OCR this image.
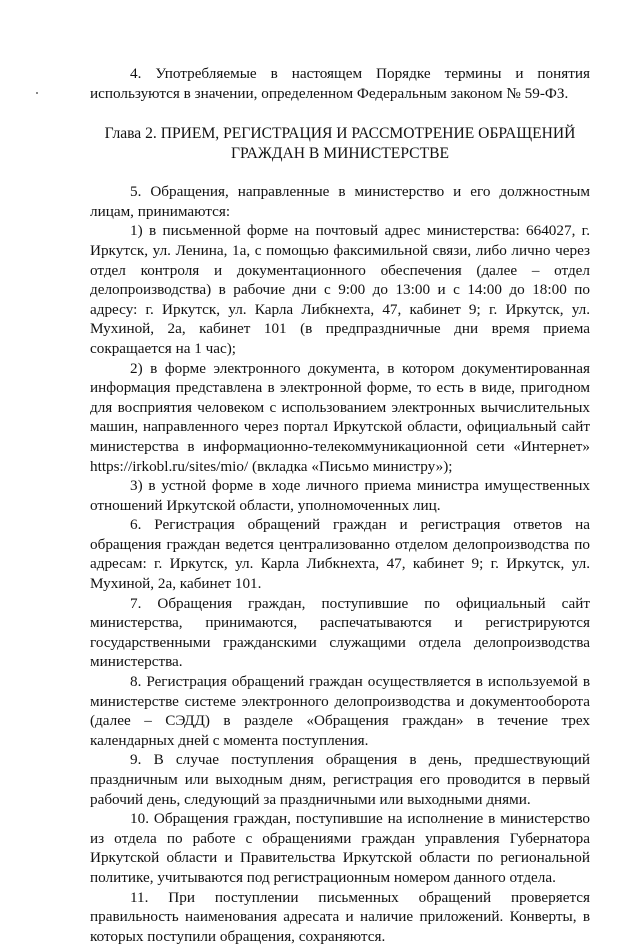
4. Употребляемые в настоящем Порядке термины и понятия используются в значении, определенном Федеральным законом № 59-ФЗ.

Глава 2. ПРИЕМ, РЕГИСТРАЦИЯ И РАССМОТРЕНИЕ ОБРАЩЕНИЙ
ГРАЖДАН В МИНИСТЕРСТВЕ

5. Обращения, направленные в министерство и его должностным лицам, принимаются:

1) в письменной форме на почтовый адрес министерства: 664027, г. Иркутск, ул. Ленина, 1а, с помощью факсимильной связи, либо лично через отдел контроля и документационного обеспечения (далее – отдел делопроизводства) в рабочие дни с 9:00 до 13:00 и с 14:00 до 18:00 по адресу: г. Иркутск, ул. Карла Либкнехта, 47, кабинет 9; г. Иркутск, ул. Мухиной, 2а, кабинет 101 (в предпраздничные дни время приема сокращается на 1 час);

2) в форме электронного документа, в котором документированная информация представлена в электронной форме, то есть в виде, пригодном для восприятия человеком с использованием электронных вычислительных машин, направленного через портал Иркутской области, официальный сайт министерства в информационно-телекоммуникационной сети «Интернет» https://irkobl.ru/sites/mio/ (вкладка «Письмо министру»);

3) в устной форме в ходе личного приема министра имущественных отношений Иркутской области, уполномоченных лиц.

6. Регистрация обращений граждан и регистрация ответов на обращения граждан ведется централизованно отделом делопроизводства по адресам: г. Иркутск, ул. Карла Либкнехта, 47, кабинет 9; г. Иркутск, ул. Мухиной, 2а, кабинет 101.

7. Обращения граждан, поступившие по официальный сайт министерства, принимаются, распечатываются и регистрируются государственными гражданскими служащими отдела делопроизводства министерства.

8. Регистрация обращений граждан осуществляется в используемой в министерстве системе электронного делопроизводства и документооборота (далее – СЭДД) в разделе «Обращения граждан» в течение трех календарных дней с момента поступления.

9. В случае поступления обращения в день, предшествующий праздничным или выходным дням, регистрация его проводится в первый рабочий день, следующий за праздничными или выходными днями.

10. Обращения граждан, поступившие на исполнение в министерство из отдела по работе с обращениями граждан управления Губернатора Иркутской области и Правительства Иркутской области по региональной политике, учитываются под регистрационным номером данного отдела.

11. При поступлении письменных обращений проверяется правильность наименования адресата и наличие приложений. Конверты, в которых поступили обращения, сохраняются.
